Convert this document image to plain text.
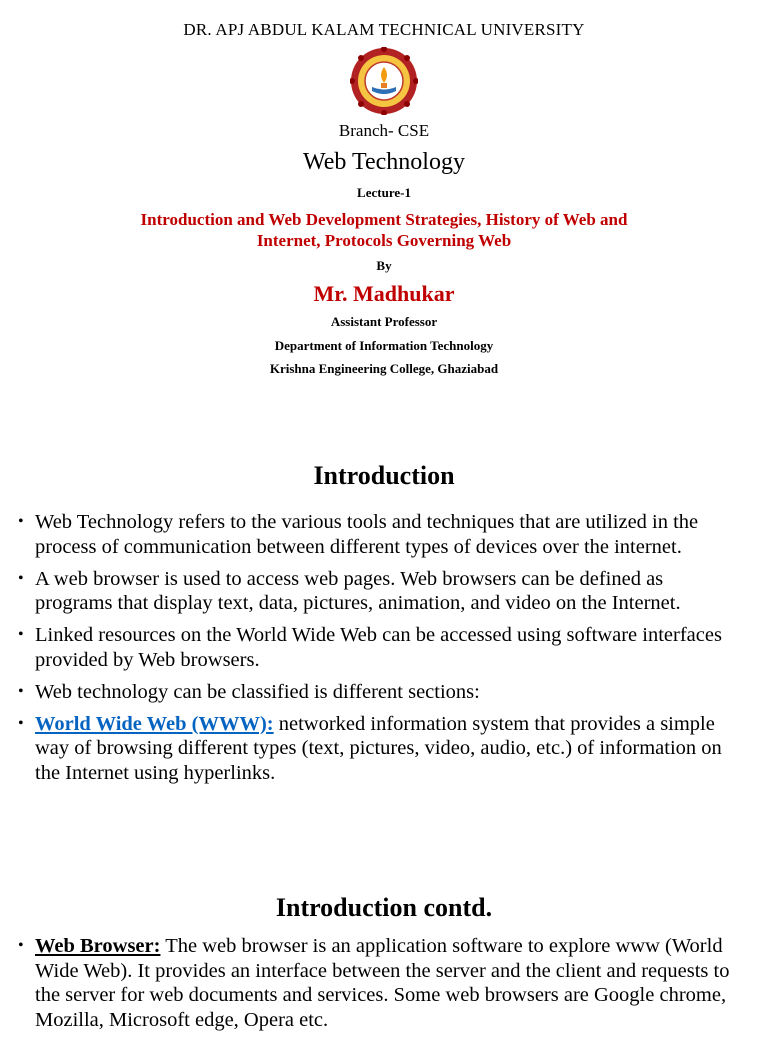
DR. APJ ABDUL KALAM TECHNICAL UNIVERSITY
Branch- CSE
Web Technology
Lecture-1
Introduction and Web Development Strategies, History of Web and
Internet, Protocols Governing Web
By
Mr. Madhukar
Assistant Professor
Department of Information Technology
Krishna Engineering College, Ghaziabad
Introduction
• Web Technology refers to the various tools and techniques that are utilized in the process of communication between different types of devices over the internet.
• A web browser is used to access web pages. Web browsers can be defined as programs that display text, data, pictures, animation, and video on the Internet.
• Linked resources on the World Wide Web can be accessed using software interfaces provided by Web browsers.
• Web technology can be classified is different sections:
• World Wide Web (WWW): networked information system that provides a simple way of browsing different types (text, pictures, video, audio, etc.) of information on the Internet using hyperlinks.
Introduction contd.
• Web Browser: The web browser is an application software to explore www (World Wide Web). It provides an interface between the server and the client and requests to the server for web documents and services. Some web browsers are Google chrome, Mozilla, Microsoft edge, Opera etc.
